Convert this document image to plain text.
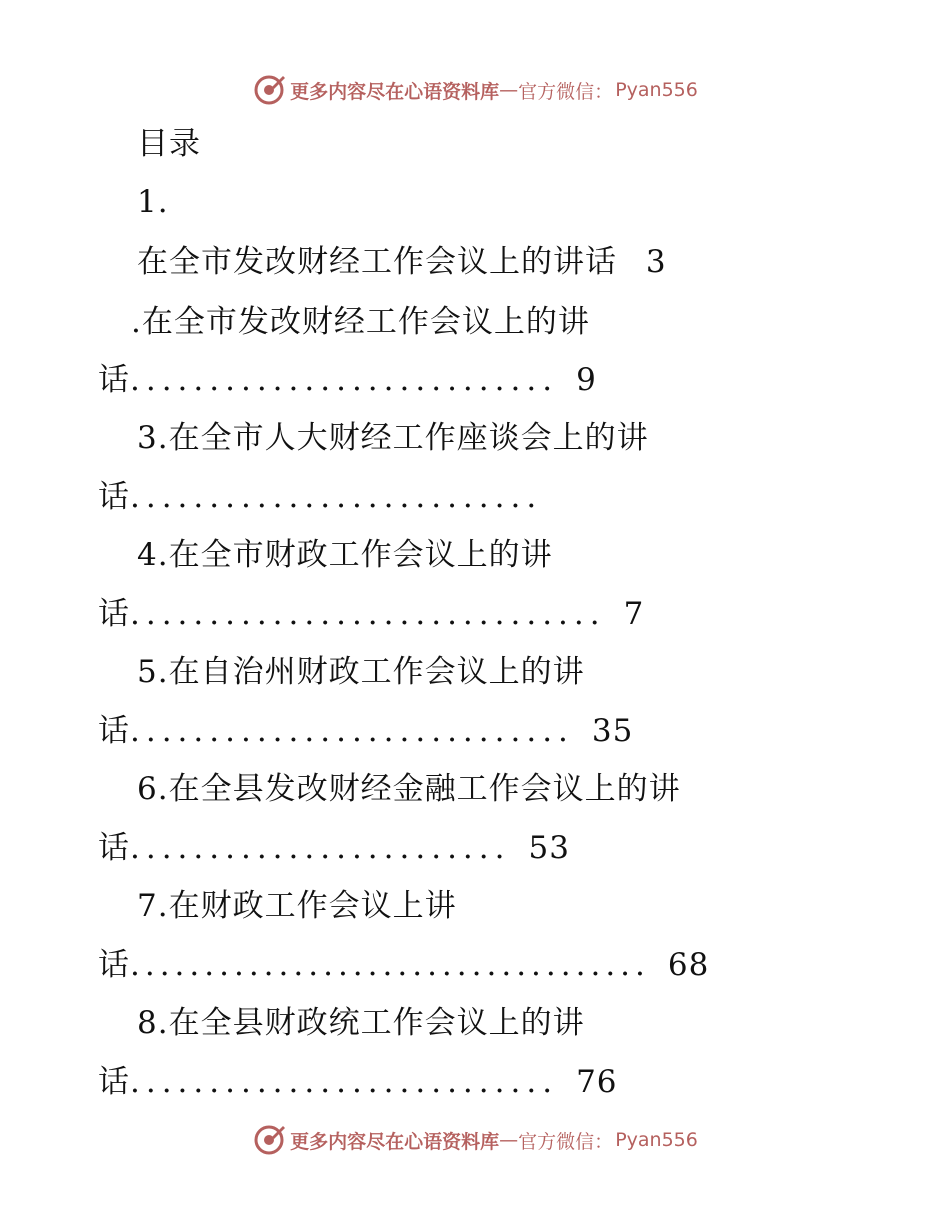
更多内容尽在心语资料库 — 官方微信： Pyan556
目录
1.
在全市发改财经工作会议上的讲话 3
.在全市发改财经工作会议上的讲
话 ........................... 9
3.在全市人大财经工作座谈会上的讲
话 ..........................
4.在全市财政工作会议上的讲
话 .............................. 7
5.在自治州财政工作会议上的讲
话 ............................ 35
6.在全县发改财经金融工作会议上的讲
话 ........................ 53
7.在财政工作会议上讲
话 ................................... 68
8.在全县财政统工作会议上的讲
话 ........................... 76
更多内容尽在心语资料库 — 官方微信： Pyan556
